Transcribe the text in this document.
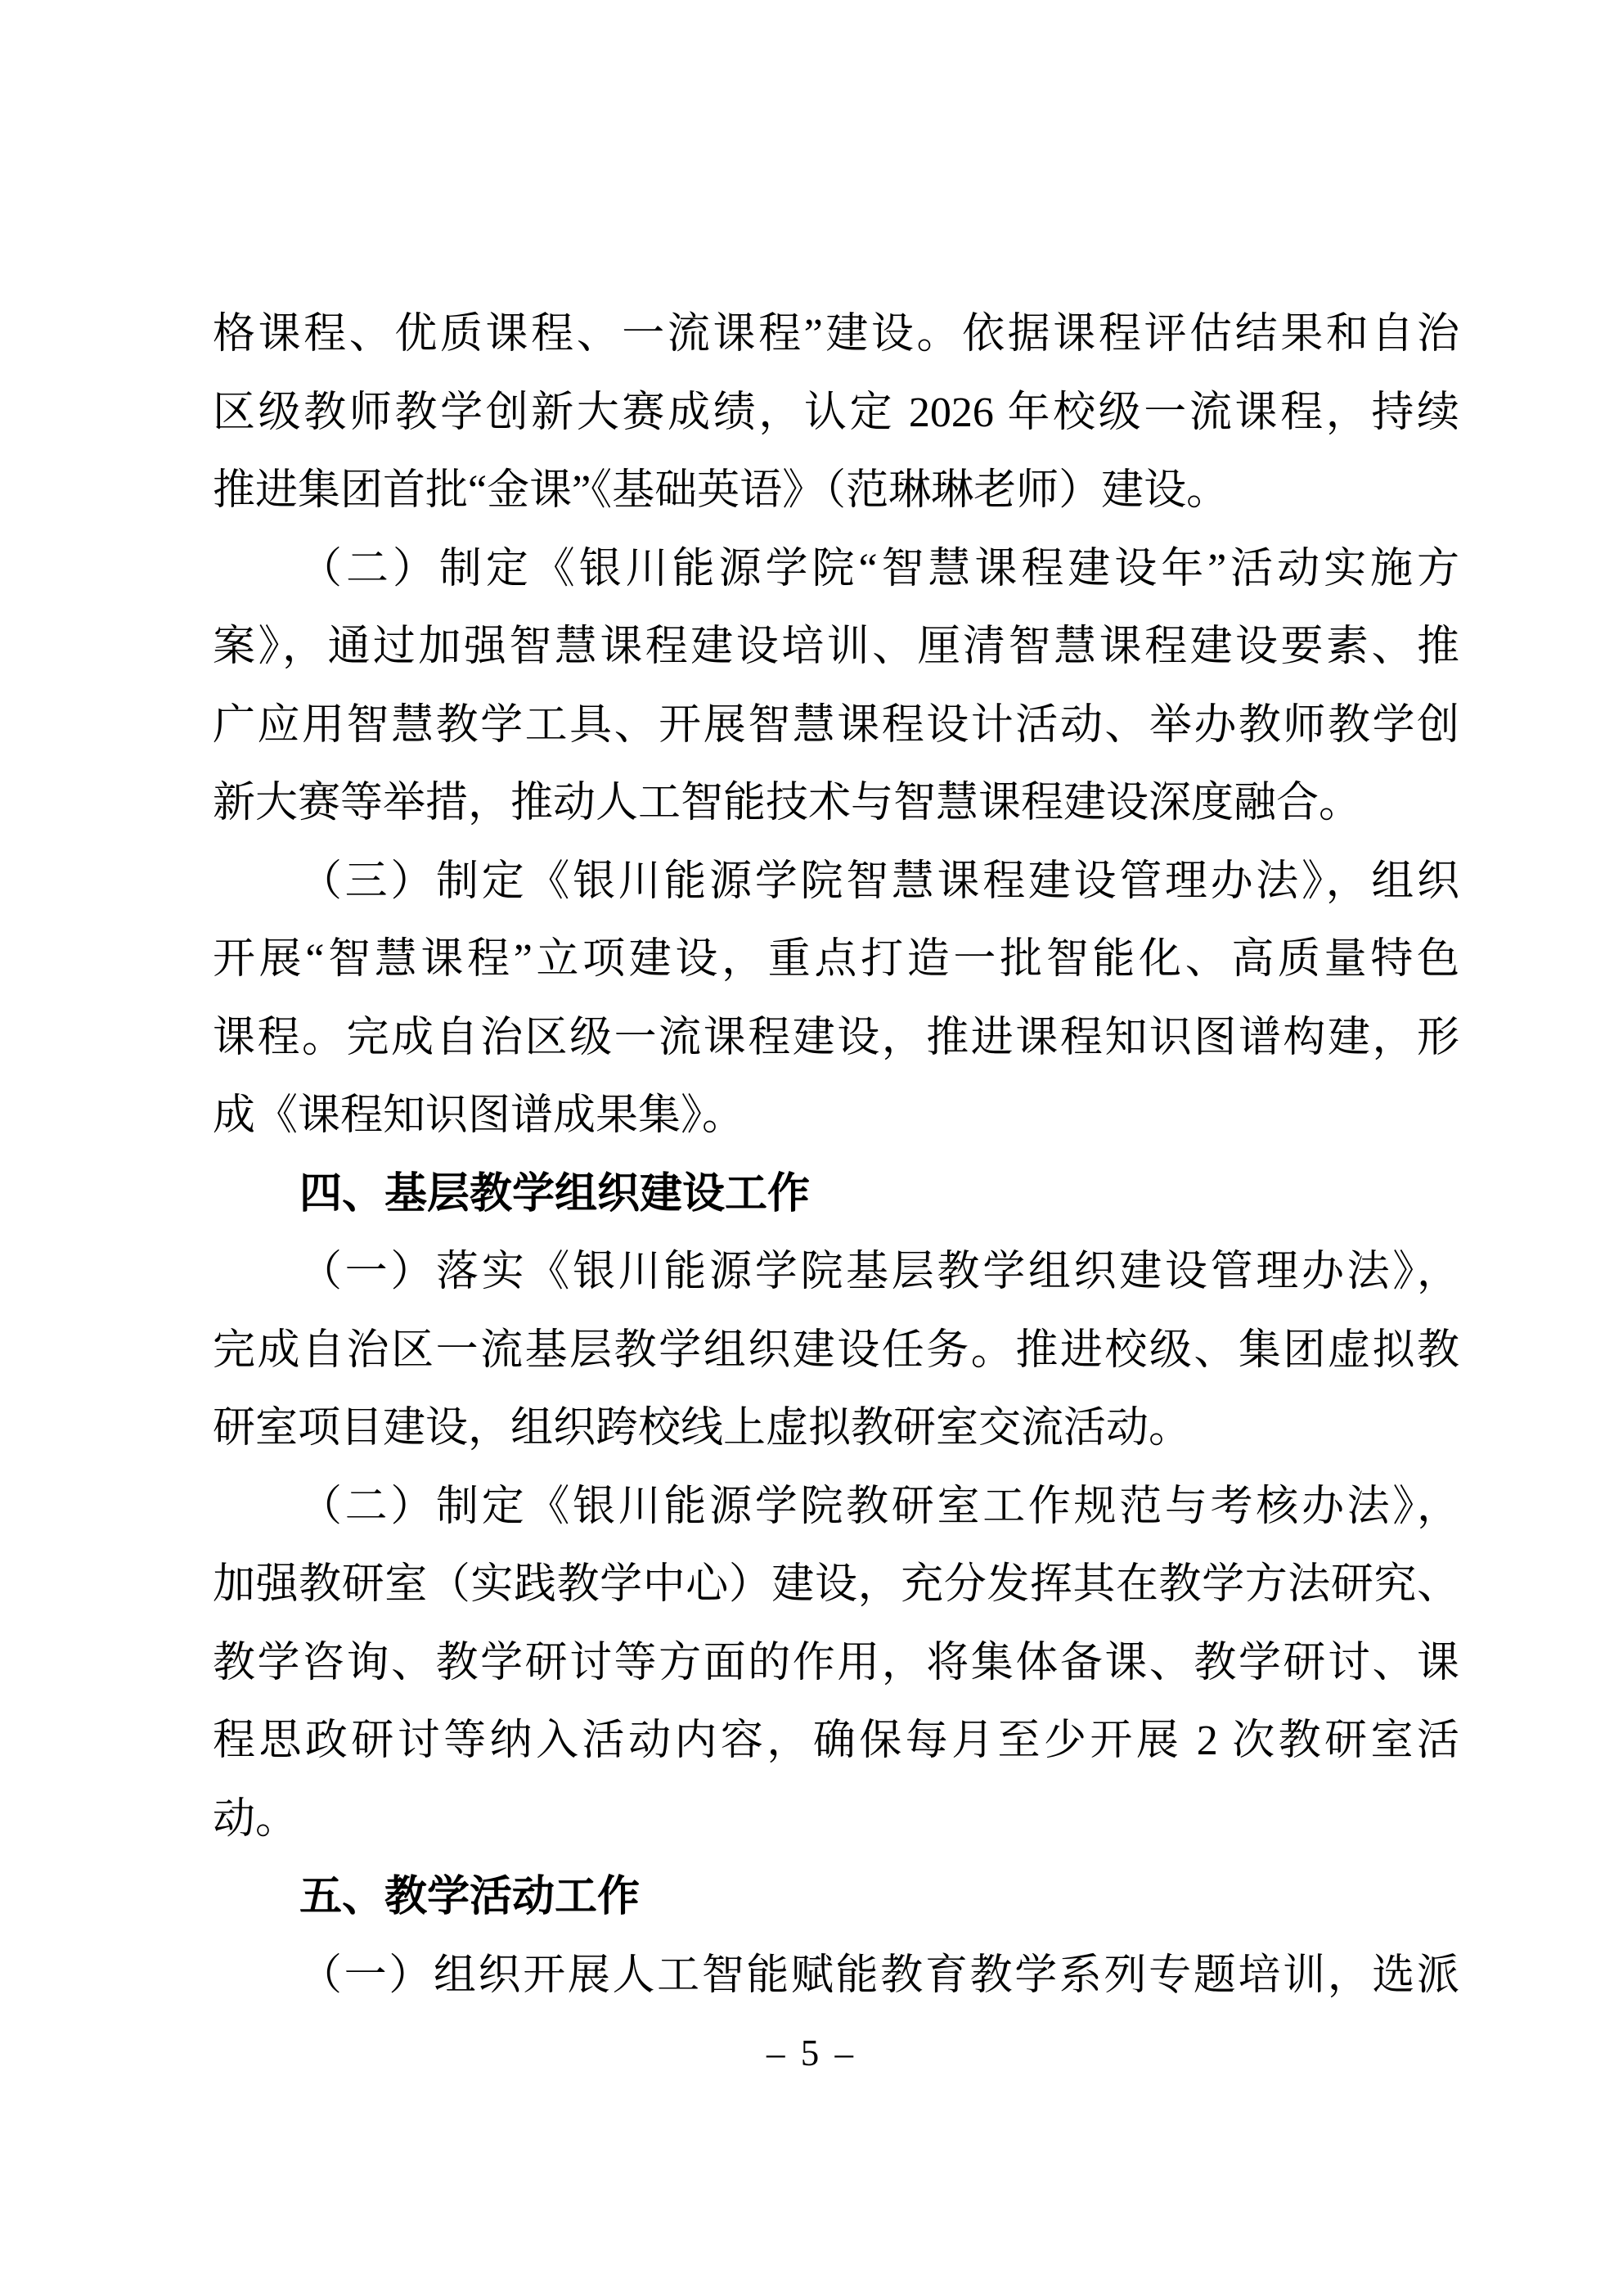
格课程、优质课程、一流课程”建设。依据课程评估结果和自治
区级教师教学创新大赛成绩，认定 2026 年校级一流课程，持续
推进集团首批“金课”《基础英语》（范琳琳老师）建设。
（二）制定《银川能源学院“智慧课程建设年”活动实施方
案》，通过加强智慧课程建设培训、厘清智慧课程建设要素、推
广应用智慧教学工具、开展智慧课程设计活动、举办教师教学创
新大赛等举措，推动人工智能技术与智慧课程建设深度融合。
（三）制定《银川能源学院智慧课程建设管理办法》，组织
开展“智慧课程”立项建设，重点打造一批智能化、高质量特色
课程。完成自治区级一流课程建设，推进课程知识图谱构建，形
成《课程知识图谱成果集》。
四、基层教学组织建设工作
（一）落实《银川能源学院基层教学组织建设管理办法》，
完成自治区一流基层教学组织建设任务。推进校级、集团虚拟教
研室项目建设，组织跨校线上虚拟教研室交流活动。
（二）制定《银川能源学院教研室工作规范与考核办法》，
加强教研室（实践教学中心）建设，充分发挥其在教学方法研究、
教学咨询、教学研讨等方面的作用，将集体备课、教学研讨、课
程思政研讨等纳入活动内容，确保每月至少开展 2 次教研室活
动。
五、教学活动工作
（一）组织开展人工智能赋能教育教学系列专题培训，选派
– 5 –
